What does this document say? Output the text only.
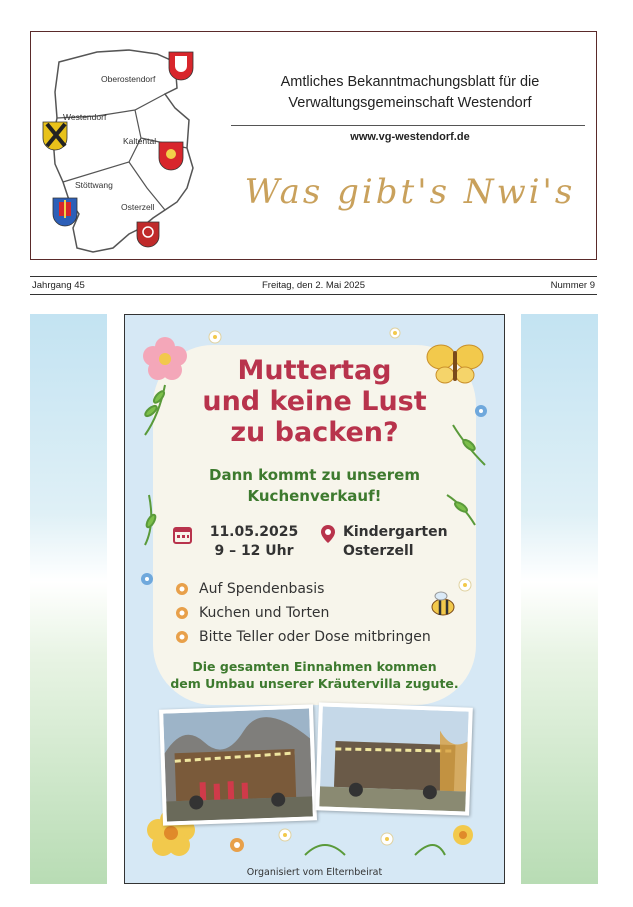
Oberostendorf
Westendorf
Kaltental
Stöttwang
Osterzell
Amtliches Bekanntmachungsblatt für die
Verwaltungsgemeinschaft Westendorf
www.vg-westendorf.de
Was gibt's Nwi's
Jahrgang 45	Freitag, den 2. Mai 2025	Nummer 9
Muttertag
und keine Lust
zu backen?
Dann kommt zu unserem
Kuchenverkauf!
11.05.2025
9 – 12 Uhr
Kindergarten
Osterzell
Auf Spendenbasis
Kuchen und Torten
Bitte Teller oder Dose mitbringen
Die gesamten Einnahmen kommen
dem Umbau unserer Kräutervilla zugute.
Organisiert vom Elternbeirat
